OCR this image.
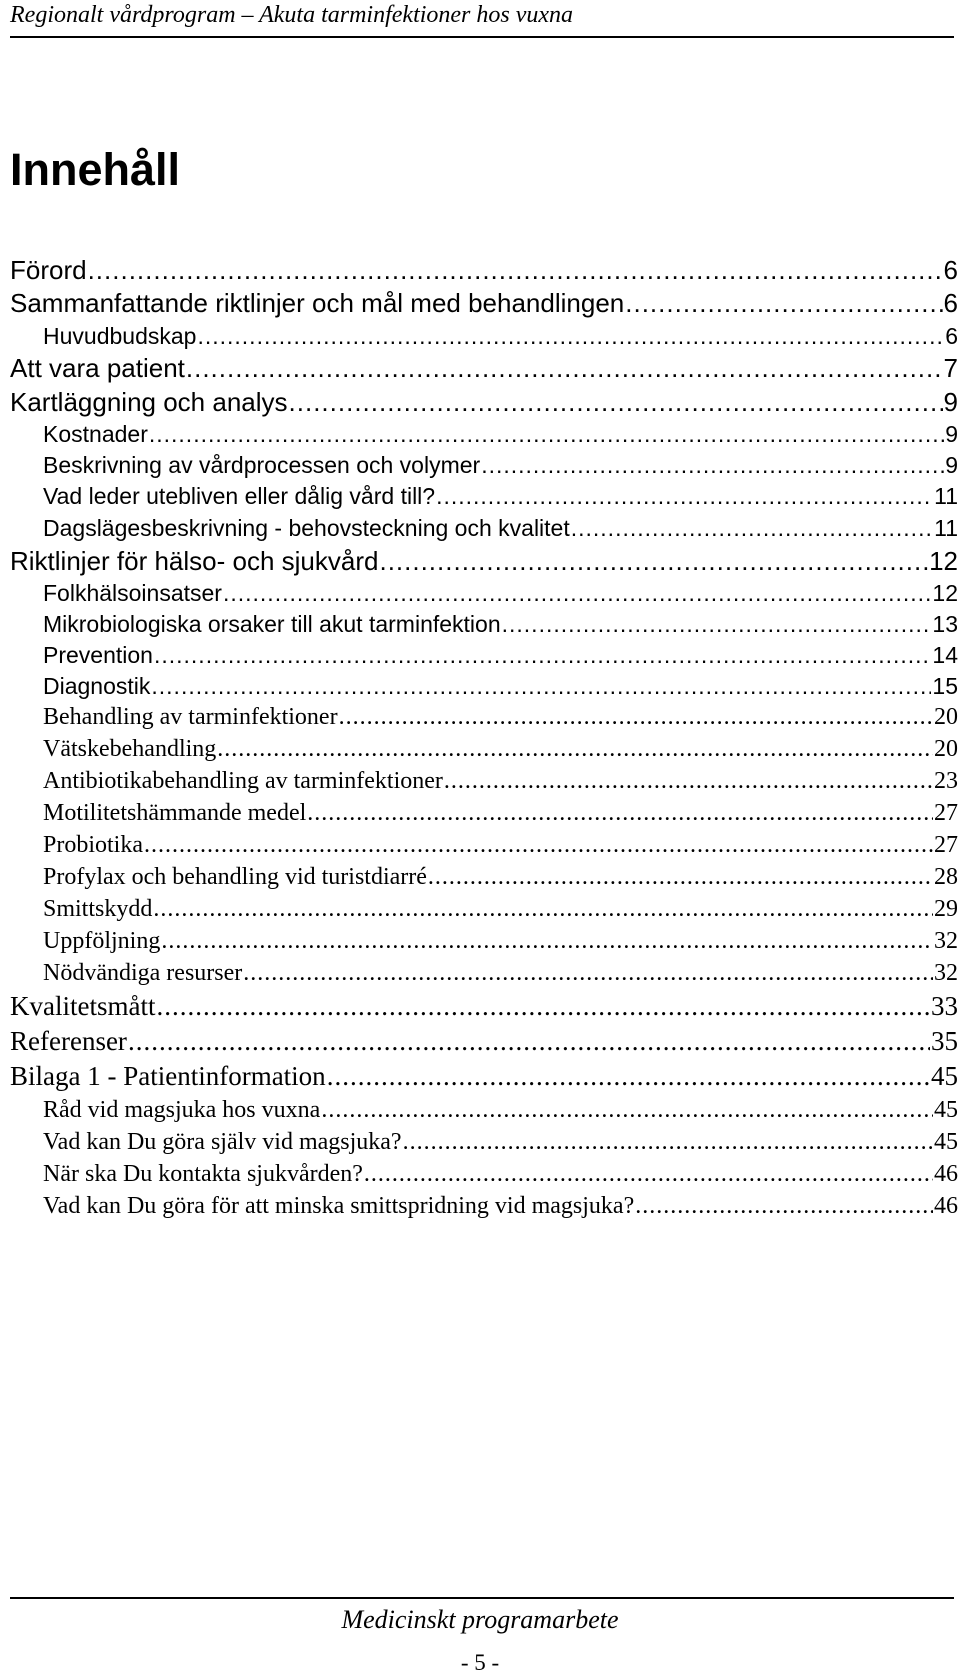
Regionalt vårdprogram – Akuta tarminfektioner hos vuxna
Innehåll
Förord .....	6
Sammanfattande riktlinjer och mål med behandlingen .....	6
Huvudbudskap .....	6
Att vara patient .....	7
Kartläggning och analys .....	9
Kostnader .....	9
Beskrivning av vårdprocessen och volymer .....	9
Vad leder utebliven eller dålig vård till? .....	11
Dagslägesbeskrivning - behovsteckning och kvalitet .....	11
Riktlinjer för hälso- och sjukvård .....	12
Folkhälsoinsatser .....	12
Mikrobiologiska orsaker till akut tarminfektion .....	13
Prevention .....	14
Diagnostik .....	15
Behandling av tarminfektioner .....	20
Vätskebehandling .....	20
Antibiotikabehandling av tarminfektioner .....	23
Motilitetshämmande medel .....	27
Probiotika .....	27
Profylax och behandling vid turistdiarré .....	28
Smittskydd .....	29
Uppföljning .....	32
Nödvändiga resurser .....	32
Kvalitetsmått .....	33
Referenser .....	35
Bilaga 1 - Patientinformation .....	45
Råd vid magsjuka hos vuxna .....	45
Vad kan Du göra själv vid magsjuka? .....	45
När ska Du kontakta sjukvården? .....	46
Vad kan Du göra för att minska smittspridning vid magsjuka? .....	46
Medicinskt programarbete
- 5 -
